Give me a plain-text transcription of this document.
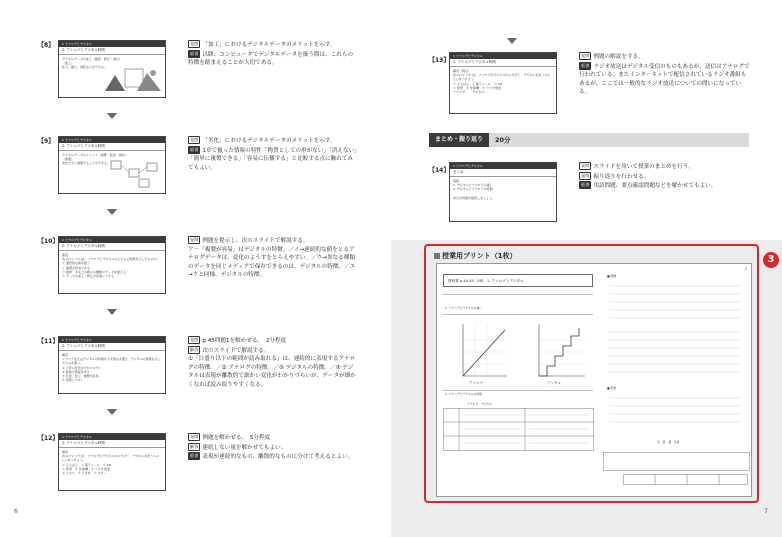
【8】	1 アナログとデジタル
2. アナログとデジタル時間
デジタルデータの加工（画像・修正・復元）
〔加工〕
拡大、縮小、回転などができる。
発問 「加工」におけるデジタルデータのメリットを示す。
板書 以降、コンピュータでデジタルデータを扱う際は、これらの特徴を踏まえることが大切である。
【9】	1 アナログとデジタル
2. アナログとデジタル時間
デジタルデータのメリット（複製・転送・保存）
〔複製〕
劣化せずに複製することができる。
発問 「劣化」におけるデジタルデータのメリットを示す。
板書 1章で扱った情報の特性「物質としての形がない」「消えない」「簡単に複製できる」「容易に伝播する」と比較する点に触れてみてもよい。
【10】	1 アナログとデジタル
2. アナログとデジタル時間
演習
次の(ア)〜(エ)は、アナログとデジタルのどちらの特徴を示したものか。
ア 連続的な値を扱う
イ 複製が容易である
ウ 画像、音などの様々な種類のデータを扱える
エ データの加工・修正が容易にできる
発問 例題を提示し、次のスライドで解説する。
ア－「複製が容易」はデジタルの特徴。／イ→連続的な値をとるアナログデータは、変化のようすをとらえやすい。／ウ→異なる種類のデータを同じメディアで保存できるのは、デジタルの特徴。／エ→ウと同様、デジタルの特徴。
【11】	1 アナログとデジタル
2. アナログとデジタル時間
解答
アナログまたはデジタルの特徴を示す例文を選び、デジタルの特徴を示したものを選べ。
① 上昇の変化が分かりやすい
② 数値で情報を表す
③ 伝送、加工、複製が容易
④ 処理しやすい
発問 p.45問題1を解かせる。　2分程度
解答 次のスライドで解説する。
①「目盛り以下の範囲が読み取れる」は、連続的に表現するアナログの特徴。／② アナログの特徴。／③ デジタルの特徴。／③ デジタルは表現が離散的で細かい変化がわかりづらいが、データが細かくなれば読み取りやすくなる。
【12】	1 アナログとデジタル
2. アナログとデジタル時間
解答
次の(ア)〜(ク)が、アナログかデジタルかに分けて、デジタルを使うものに○をつけよう。
ア そろばん　イ 電子メール　ウ CD
エ 鉛筆　オ 計算機　カ ラジオ放送
キ ノギス　ク 万歩計　ケ ギター
発問 例題を解かせる。　5分程度
解答 連続しない量を解かせてもよい。
板書 表現が連続的なもの、離散的なものに分けて考えるとよい。
6
【13】
1 アナログとデジタル
2. アナログとデジタル時間
解答（例示）
次の(ア)〜(ク)が、アナログかデジタルかに分けて、デジタルを使うものに○をつけよう。
ア そろばん　イ 電子メール　ウ CD
エ 鉛筆　オ 計算機　カ ラジオ放送
アナログ：　　デジタル：
発問 例題の解説をする。
板書 ラジオ放送はデジタル受信のものもあるが、送信はアナログで行われている。またインターネットで配信されているラジオ番組もあるが、ここでは一般的なラジオ放送についての問いになっている。
まとめ・振り返り	20分
【14】
1 アナログとデジタル
まとめ
用語
1. デジタルとアナログの違い
2. デジタルとアナログの特徴

本日の用語を復習しましょう。
発問 スライドを用いて授業のまとめを行う。
発問 振り返りを行わせる。
板書 用語問題、要点確認問題などを解かせてもよい。
授業用プリント（1枚）
1
教科書 p.44-45　4章　1. アナログとデジタル
1. アナログとデジタルの違い
アナログ	デジタル
2. アナログとデジタルの特徴
アナログ　デジタル
■ 問題
■ 用語
年　組　番　名前
3
7
